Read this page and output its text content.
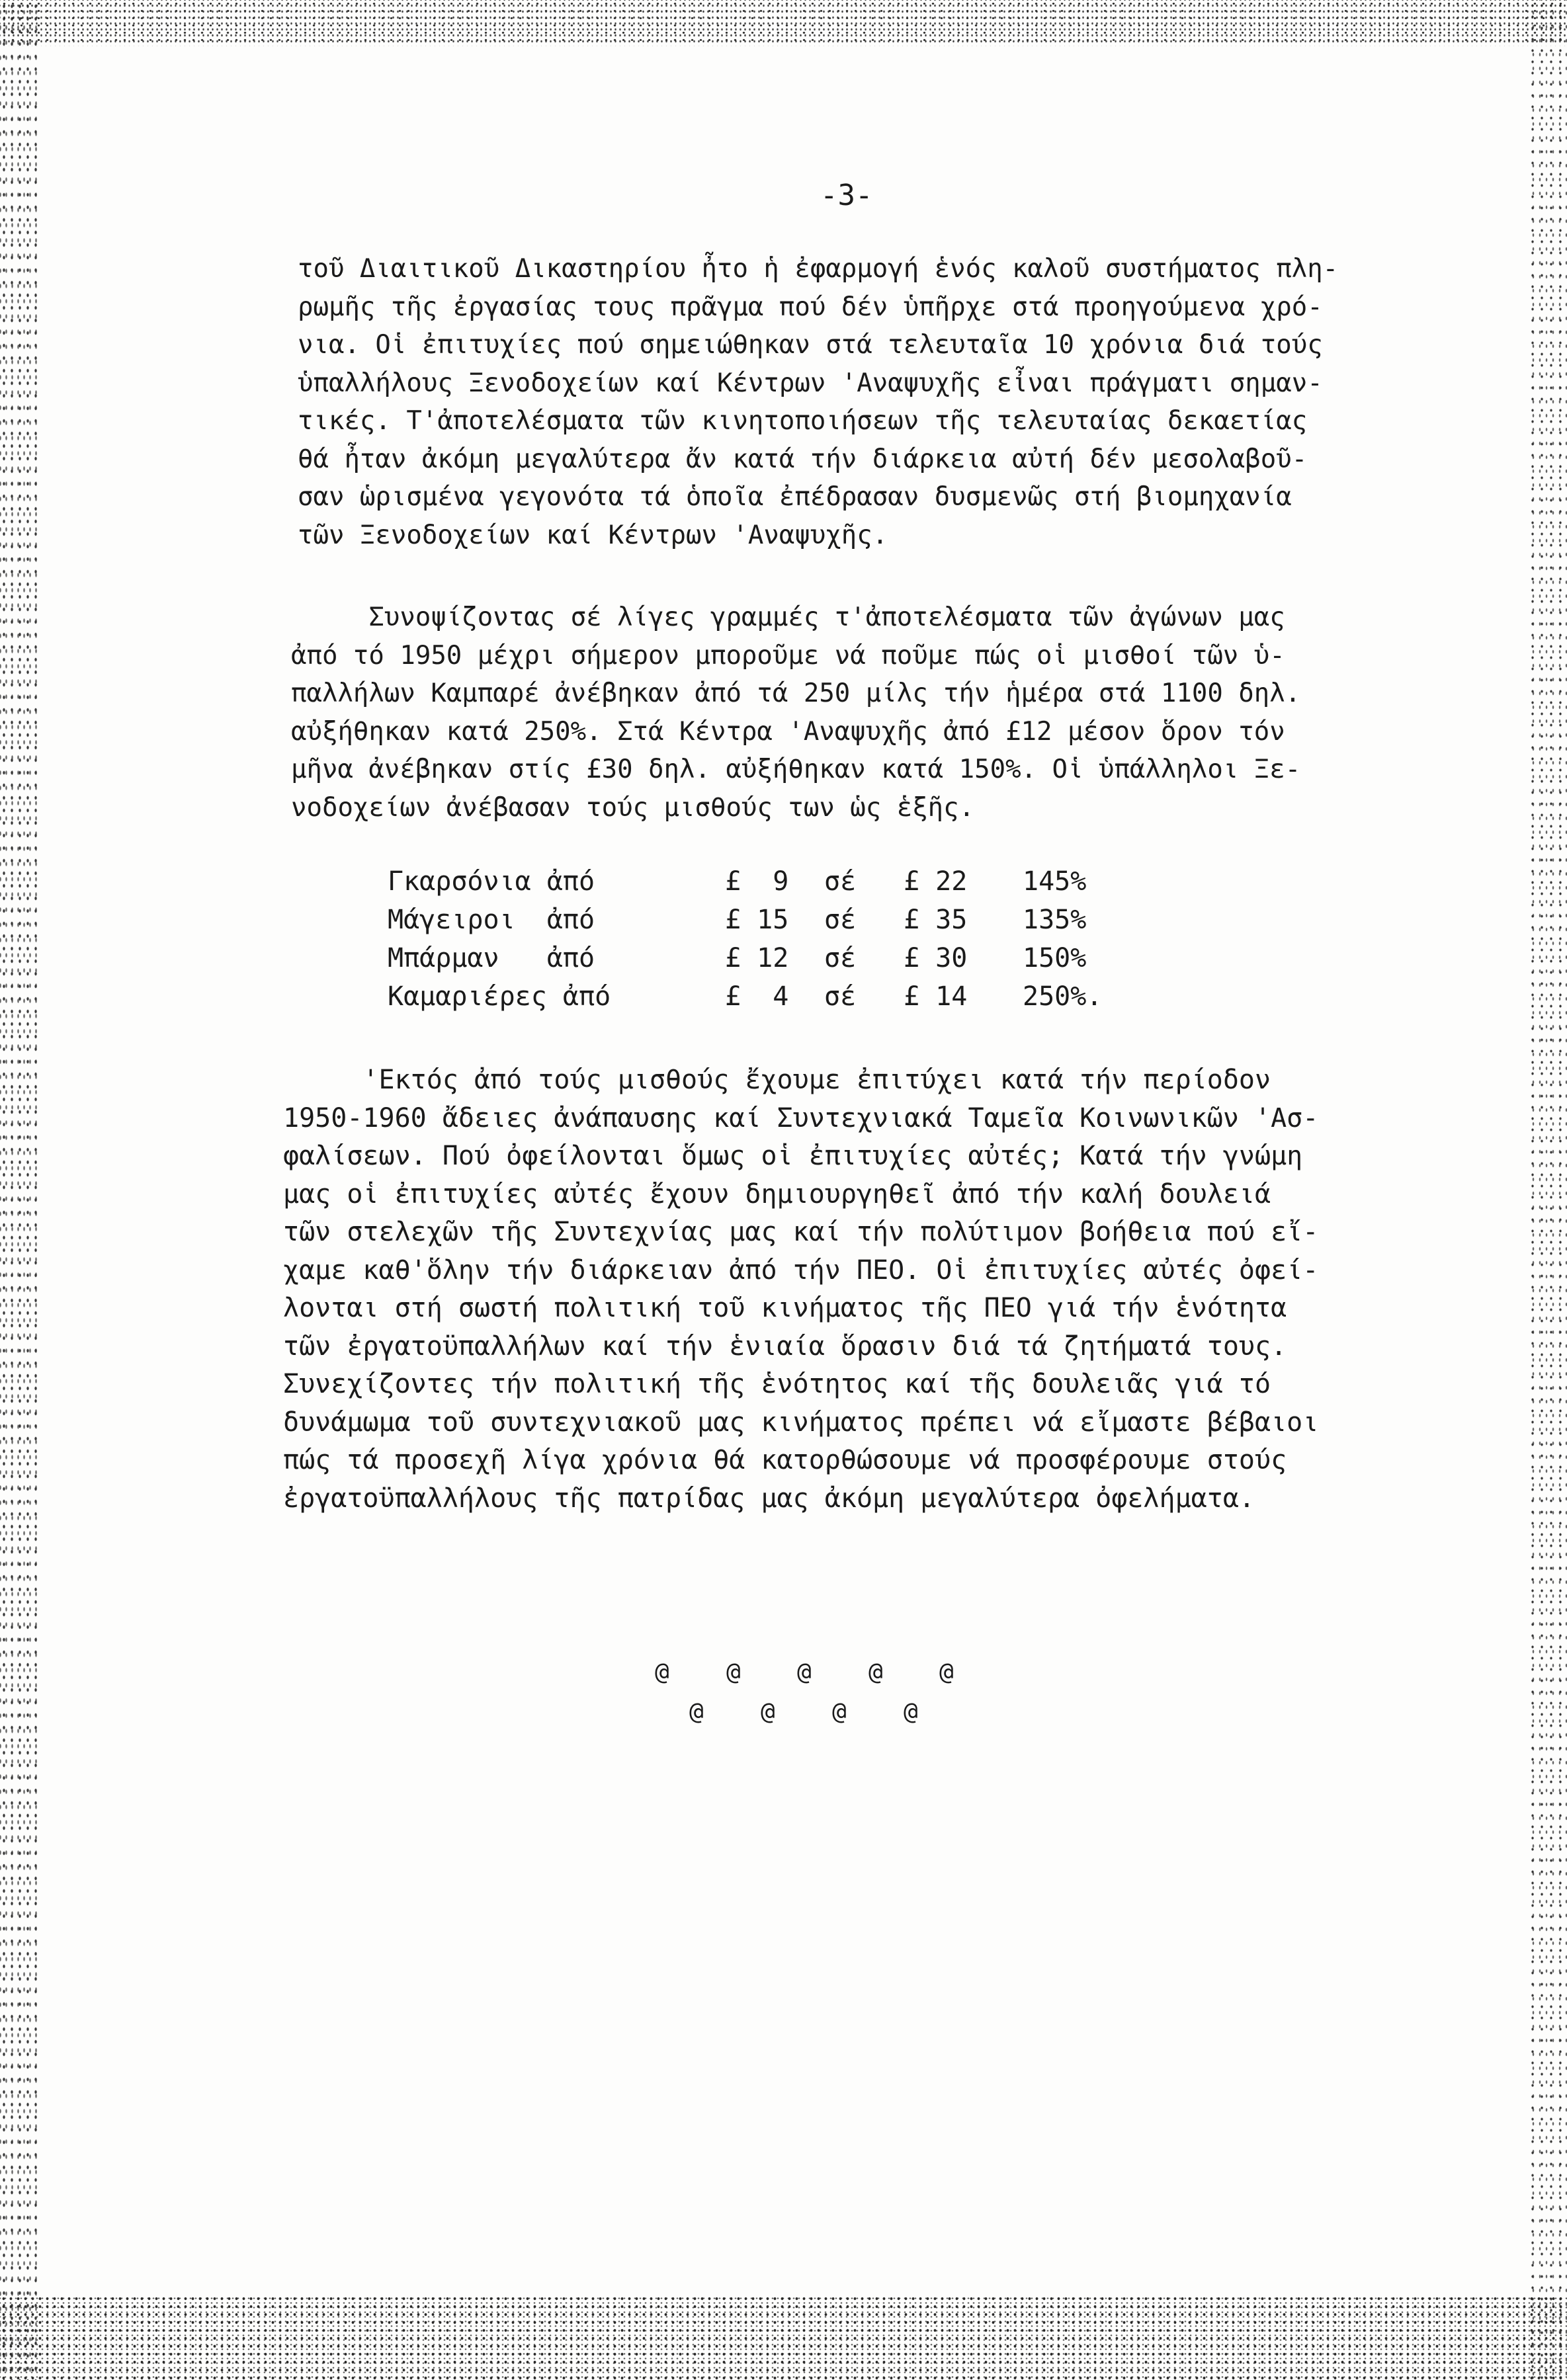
-3-

τοῦ Διαιτικοῦ Δικαστηρίου ἦτο ἡ ἐφαρμογή ἑνός καλοῦ συστήματος πλη-
ρωμῆς τῆς ἐργασίας τους πρᾶγμα πού δέν ὑπῆρχε στά προηγούμενα χρό-
νια. Οἱ ἐπιτυχίες πού σημειώθηκαν στά τελευταῖα 10 χρόνια διά τούς
ὑπαλλήλους Ξενοδοχείων καί Κέντρων 'Αναψυχῆς εἶναι πράγματι σημαν-
τικές. Τ'ἀποτελέσματα τῶν κινητοποιήσεων τῆς τελευταίας δεκαετίας
θά ἦταν ἀκόμη μεγαλύτερα ἄν κατά τήν διάρκεια αὐτή δέν μεσολαβοῦ-
σαν ὡρισμένα γεγονότα τά ὁποῖα ἐπέδρασαν δυσμενῶς στή βιομηχανία
τῶν Ξενοδοχείων καί Κέντρων 'Αναψυχῆς.

Συνοψίζοντας σέ λίγες γραμμές τ'ἀποτελέσματα τῶν ἀγώνων μας
ἀπό τό 1950 μέχρι σήμερον μποροῦμε νά ποῦμε πώς οἱ μισθοί τῶν ὑ-
παλλήλων Καμπαρέ ἀνέβηκαν ἀπό τά 250 μίλς τήν ἡμέρα στά 1100 δηλ.
αὐξήθηκαν κατά 250%. Στά Κέντρα 'Αναψυχῆς ἀπό £12 μέσον ὅρον τόν
μῆνα ἀνέβηκαν στίς £30 δηλ. αὐξήθηκαν κατά 150%. Οἱ ὑπάλληλοι Ξε-
νοδοχείων ἀνέβασαν τούς μισθούς των ὡς ἑξῆς.

Γκαρσόνια ἀπό	£  9 σέ £ 22 145%
Μάγειροι  ἀπό	£ 15 σέ £ 35 135%
Μπάρμαν   ἀπό	£ 12 σέ £ 30 150%
Καμαριέρες ἀπό	£  4 σέ £ 14 250%.

'Εκτός ἀπό τούς μισθούς ἔχουμε ἐπιτύχει κατά τήν περίοδον
1950-1960 ἄδειες ἀνάπαυσης καί Συντεχνιακά Ταμεῖα Κοινωνικῶν 'Ασ-
φαλίσεων. Πού ὀφείλονται ὅμως οἱ ἐπιτυχίες αὐτές; Κατά τήν γνώμη
μας οἱ ἐπιτυχίες αὐτές ἔχουν δημιουργηθεῖ ἀπό τήν καλή δουλειά
τῶν στελεχῶν τῆς Συντεχνίας μας καί τήν πολύτιμον βοήθεια πού εἴ-
χαμε καθ'ὅλην τήν διάρκειαν ἀπό τήν ΠΕΟ. Οἱ ἐπιτυχίες αὐτές ὀφεί-
λονται στή σωστή πολιτική τοῦ κινήματος τῆς ΠΕΟ γιά τήν ἑνότητα
τῶν ἐργατοϋπαλλήλων καί τήν ἑνιαία ὅρασιν διά τά ζητήματά τους.
Συνεχίζοντες τήν πολιτική τῆς ἑνότητος καί τῆς δουλειᾶς γιά τό
δυνάμωμα τοῦ συντεχνιακοῦ μας κινήματος πρέπει νά εἴμαστε βέβαιοι
πώς τά προσεχῆ λίγα χρόνια θά κατορθώσουμε νά προσφέρουμε στούς
ἐργατοϋπαλλήλους τῆς πατρίδας μας ἀκόμη μεγαλύτερα ὀφελήματα.

@ @ @ @ @
@ @ @ @
